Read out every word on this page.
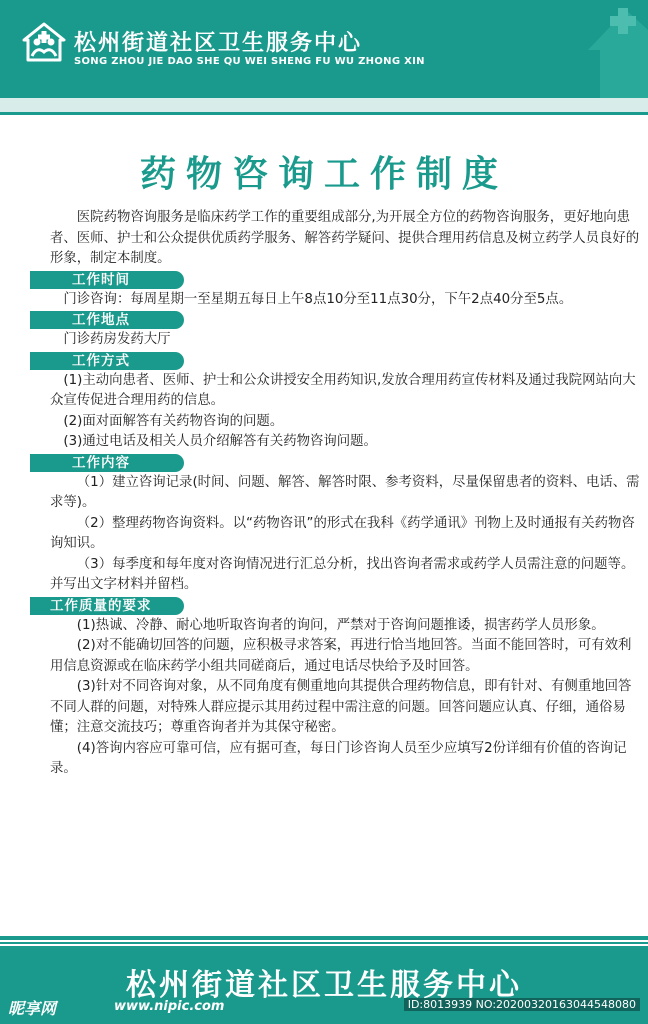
松州街道社区卫生服务中心
SONG ZHOU JIE DAO SHE QU WEI SHENG FU WU ZHONG XIN
药物咨询工作制度

医院药物咨询服务是临床药学工作的重要组成部分,为开展全方位的药物咨询服务，更好地向患者、医师、护士和公众提供优质药学服务、解答药学疑问、提供合理用药信息及树立药学人员良好的形象，制定本制度。

工作时间

门诊咨询：每周星期一至星期五每日上午8点10分至11点30分，下午2点40分至5点。

工作地点

门诊药房发药大厅

工作方式

(1)主动向患者、医师、护士和公众讲授安全用药知识,发放合理用药宣传材料及通过我院网站向大众宣传促进合理用药的信息。

(2)面对面解答有关药物咨询的问题。

(3)通过电话及相关人员介绍解答有关药物咨询问题。

工作内容

（1）建立咨询记录(时间、问题、解答、解答时限、参考资料，尽量保留患者的资料、电话、需求等)。

（2）整理药物咨询资料。以“药物咨讯”的形式在我科《药学通讯》刊物上及时通报有关药物咨询知识。

（3）每季度和每年度对咨询情况进行汇总分析，找出咨询者需求或药学人员需注意的问题等。并写出文字材料并留档。

工作质量的要求

(1)热诚、冷静、耐心地听取咨询者的询问，严禁对于咨询问题推诿，损害药学人员形象。

(2)对不能确切回答的问题，应积极寻求答案，再进行恰当地回答。当面不能回答时，可有效利用信息资源或在临床药学小组共同磋商后，通过电话尽快给予及时回答。

(3)针对不同咨询对象，从不同角度有侧重地向其提供合理药物信息，即有针对、有侧重地回答不同人群的问题，对特殊人群应提示其用药过程中需注意的问题。回答问题应认真、仔细，通俗易懂；注意交流技巧；尊重咨询者并为其保守秘密。

(4)答询内容应可靠可信，应有据可查，每日门诊咨询人员至少应填写2份详细有价值的咨询记录。

松州街道社区卫生服务中心
昵享网	www.nipic.com	ID:8013939 NO:20200320163044548080
